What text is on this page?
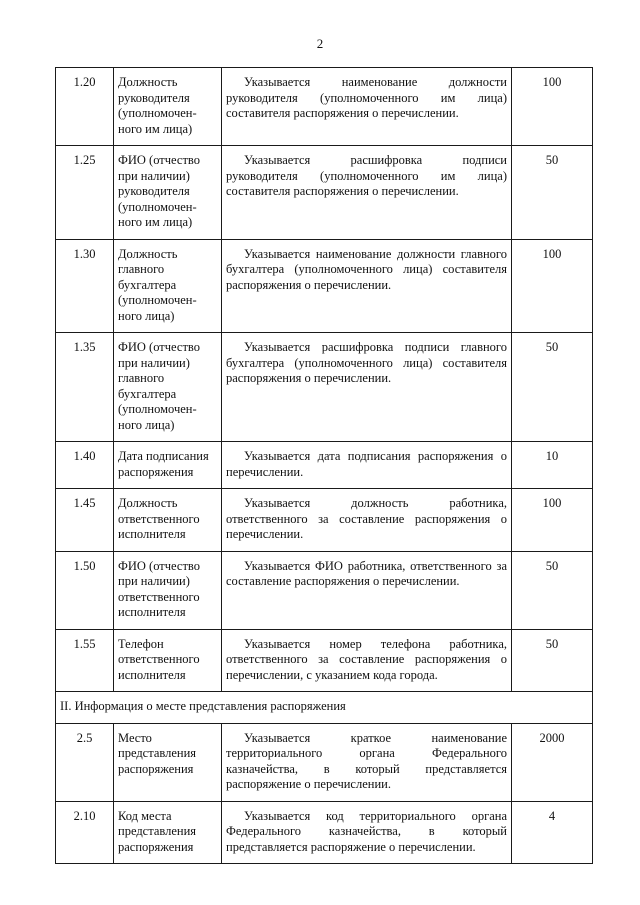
2
1.20	Должность руководителя (уполномочен-ного им лица)	Указывается наименование должности руководителя (уполномоченного им лица) составителя распоряжения о перечислении.	100
1.25	ФИО (отчество при наличии) руководителя (уполномочен-ного им лица)	Указывается расшифровка подписи руководителя (уполномоченного им лица) составителя распоряжения о перечислении.	50
1.30	Должность главного бухгалтера (уполномочен-ного лица)	Указывается наименование должности главного бухгалтера (уполномоченного лица) составителя распоряжения о перечислении.	100
1.35	ФИО (отчество при наличии) главного бухгалтера (уполномочен-ного лица)	Указывается расшифровка подписи главного бухгалтера (уполномоченного лица) составителя распоряжения о перечислении.	50
1.40	Дата подписания распоряжения	Указывается дата подписания распоряжения о перечислении.	10
1.45	Должность ответственного исполнителя	Указывается должность работника, ответственного за составление распоряжения о перечислении.	100
1.50	ФИО (отчество при наличии) ответственного исполнителя	Указывается ФИО работника, ответственного за составление распоряжения о перечислении.	50
1.55	Телефон ответственного исполнителя	Указывается номер телефона работника, ответственного за составление распоряжения о перечислении, с указанием кода города.	50
II. Информация о месте представления распоряжения			
2.5	Место представления распоряжения	Указывается краткое наименование территориального органа Федерального казначейства, в который представляется распоряжение о перечислении.	2000
2.10	Код места представления распоряжения	Указывается код территориального органа Федерального казначейства, в который представляется распоряжение о перечислении.	4
